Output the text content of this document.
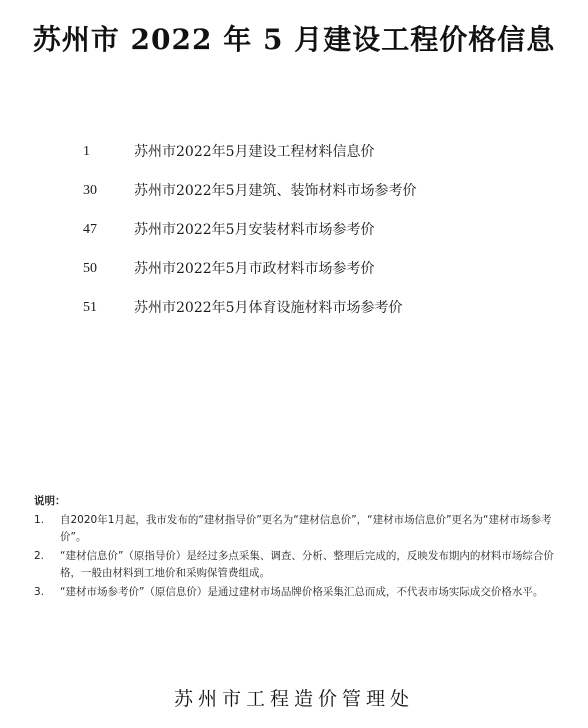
苏州市 2022 年 5 月建设工程价格信息
1	苏州市2022年5月建设工程材料信息价
30	苏州市2022年5月建筑、装饰材料市场参考价
47	苏州市2022年5月安装材料市场参考价
50	苏州市2022年5月市政材料市场参考价
51	苏州市2022年5月体育设施材料市场参考价
说明：
1. 自2020年1月起，我市发布的“建材指导价”更名为“建材信息价”，“建材市场信息价”更名为“建材市场参考价”。
2. “建材信息价”（原指导价）是经过多点采集、调查、分析、整理后完成的，反映发布期内的材料市场综合价格，一般由材料到工地价和采购保管费组成。
3. “建材市场参考价”（原信息价）是通过建材市场品牌价格采集汇总而成，不代表市场实际成交价格水平。
苏州市工程造价管理处
